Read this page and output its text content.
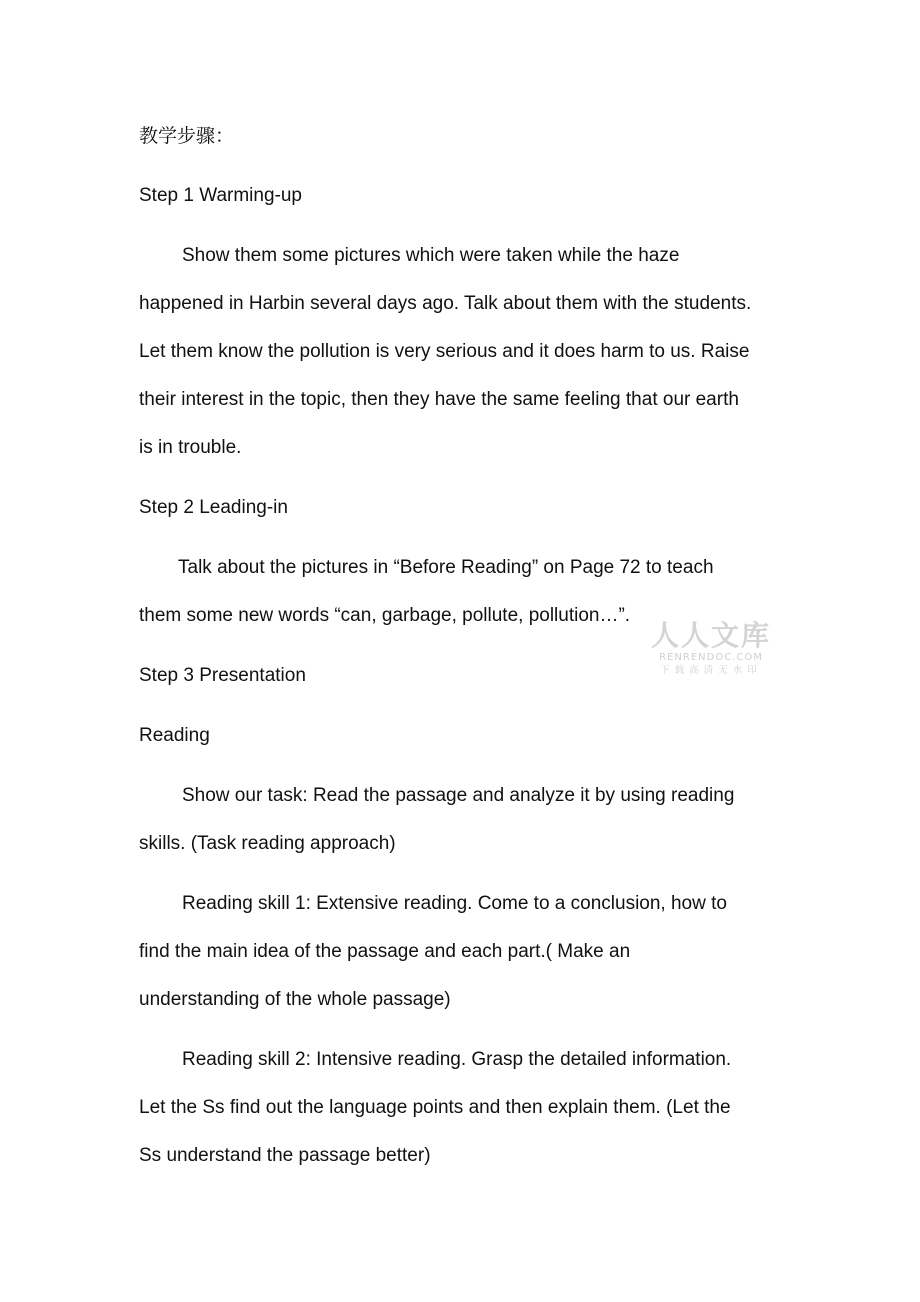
教学步骤：
Step 1 Warming-up
Show them some pictures which were taken while the haze
happened in Harbin several days ago. Talk about them with the students.
Let them know the pollution is very serious and it does harm to us. Raise
their interest in the topic, then they have the same feeling that our earth
is in trouble.
Step 2 Leading-in
Talk about the pictures in “Before Reading” on Page 72 to teach
them some new words “can, garbage, pollute, pollution…”.
Step 3 Presentation
Reading
Show our task: Read the passage and analyze it by using reading
skills. (Task reading approach)
Reading skill 1: Extensive reading. Come to a conclusion, how to
find the main idea of the passage and each part.( Make an
understanding of the whole passage)
Reading skill 2: Intensive reading. Grasp the detailed information.
Let the Ss find out the language points and then explain them. (Let the
Ss understand the passage better)
人人文库
RENRENDOC.COM
下载高清无水印
